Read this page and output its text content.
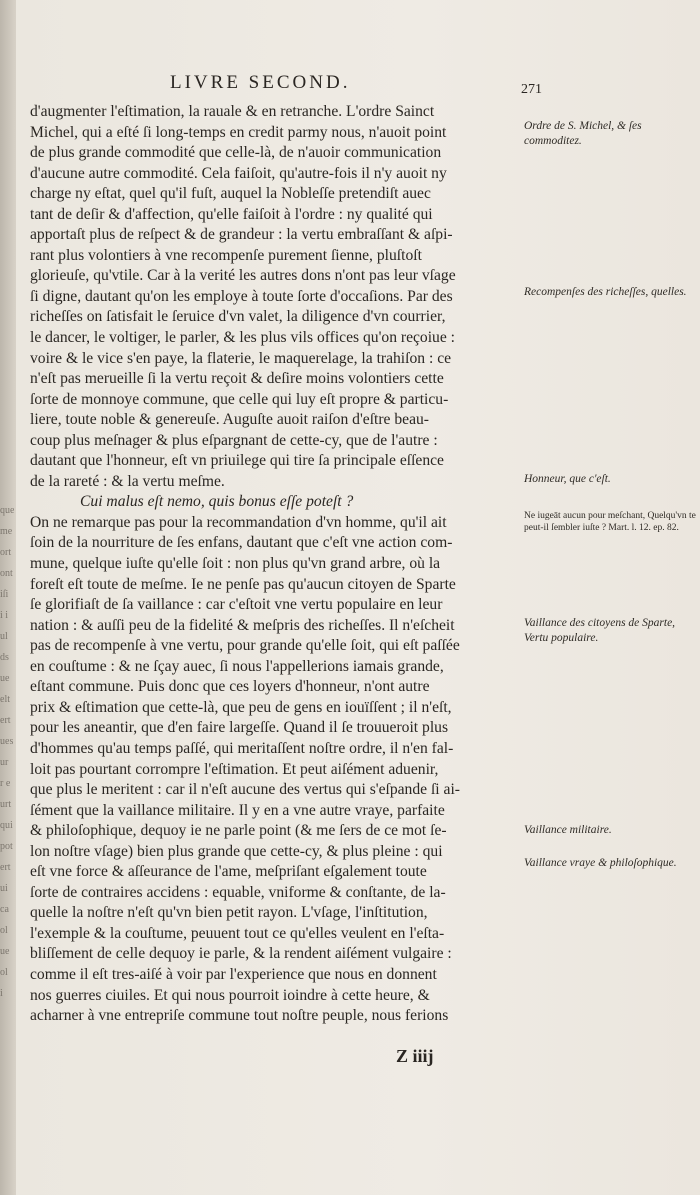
que
me
ort
ont
iſi
i i
ul
ds
ue
elt
ert
ues
ur
r e
urt
qui
pot
ert
ui
ca
ol
ue
ol
i
LIVRE SECOND.	271
d'augmenter l'eſtimation, la rauale & en retranche. L'ordre Sainct
Michel, qui a eſté ſi long-temps en credit parmy nous, n'auoit point
de plus grande commodité que celle-là, de n'auoir communication
d'aucune autre commodité. Cela faiſoit, qu'autre-fois il n'y auoit ny
charge ny eſtat, quel qu'il fuſt, auquel la Nobleſſe pretendiſt auec
tant de deſir & d'affection, qu'elle faiſoit à l'ordre : ny qualité qui
apportaſt plus de reſpect & de grandeur : la vertu embraſſant & aſpi-
rant plus volontiers à vne recompenſe purement ſienne, pluſtoſt
glorieuſe, qu'vtile. Car à la verité les autres dons n'ont pas leur vſage
ſi digne, dautant qu'on les employe à toute ſorte d'occaſions. Par des
richeſſes on ſatisfait le ſeruice d'vn valet, la diligence d'vn courrier,
le dancer, le voltiger, le parler, & les plus vils offices qu'on reçoiue :
voire & le vice s'en paye, la flaterie, le maquerelage, la trahiſon : ce
n'eſt pas merueille ſi la vertu reçoit & deſire moins volontiers cette
ſorte de monnoye commune, que celle qui luy eſt propre & particu-
liere, toute noble & genereuſe. Auguſte auoit raiſon d'eſtre beau-
coup plus meſnager & plus eſpargnant de cette-cy, que de l'autre :
dautant que l'honneur, eſt vn priuilege qui tire ſa principale eſſence
de la rareté : & la vertu meſme.
Cui malus eſt nemo, quis bonus eſſe poteſt ?
On ne remarque pas pour la recommandation d'vn homme, qu'il ait
ſoin de la nourriture de ſes enfans, dautant que c'eſt vne action com-
mune, quelque iuſte qu'elle ſoit : non plus qu'vn grand arbre, où la
foreſt eſt toute de meſme. Ie ne penſe pas qu'aucun citoyen de Sparte
ſe glorifiaſt de ſa vaillance : car c'eſtoit vne vertu populaire en leur
nation : & auſſi peu de la fidelité & meſpris des richeſſes. Il n'eſcheit
pas de recompenſe à vne vertu, pour grande qu'elle ſoit, qui eſt paſſée
en couſtume : & ne ſçay auec, ſi nous l'appellerions iamais grande,
eſtant commune. Puis donc que ces loyers d'honneur, n'ont autre
prix & eſtimation que cette-là, que peu de gens en iouïſſent ; il n'eſt,
pour les aneantir, que d'en faire largeſſe. Quand il ſe trouueroit plus
d'hommes qu'au temps paſſé, qui meritaſſent noſtre ordre, il n'en fal-
loit pas pourtant corrompre l'eſtimation. Et peut aiſément aduenir,
que plus le meritent : car il n'eſt aucune des vertus qui s'eſpande ſi ai-
ſément que la vaillance militaire. Il y en a vne autre vraye, parfaite
& philoſophique, dequoy ie ne parle point (& me ſers de ce mot ſe-
lon noſtre vſage) bien plus grande que cette-cy, & plus pleine : qui
eſt vne force & aſſeurance de l'ame, meſpriſant eſgalement toute
ſorte de contraires accidens : equable, vniforme & conſtante, de la-
quelle la noſtre n'eſt qu'vn bien petit rayon. L'vſage, l'inſtitution,
l'exemple & la couſtume, peuuent tout ce qu'elles veulent en l'eſta-
bliſſement de celle dequoy ie parle, & la rendent aiſément vulgaire :
comme il eſt tres-aiſé à voir par l'experience que nous en donnent
nos guerres ciuiles. Et qui nous pourroit ioindre à cette heure, &
acharner à vne entrepriſe commune tout noſtre peuple, nous ferions
Ordre de S. Michel, & ſes commoditez.
Recompenſes des richeſſes, quelles.
Honneur, que c'eſt.
Ne iugeāt aucun pour meſchant, Quelqu'vn te peut-il ſembler iuſte ? Mart. l. 12. ep. 82.
Vaillance des citoyens de Sparte, Vertu populaire.
Vaillance militaire.
Vaillance vraye & philoſophique.
Z iiij
